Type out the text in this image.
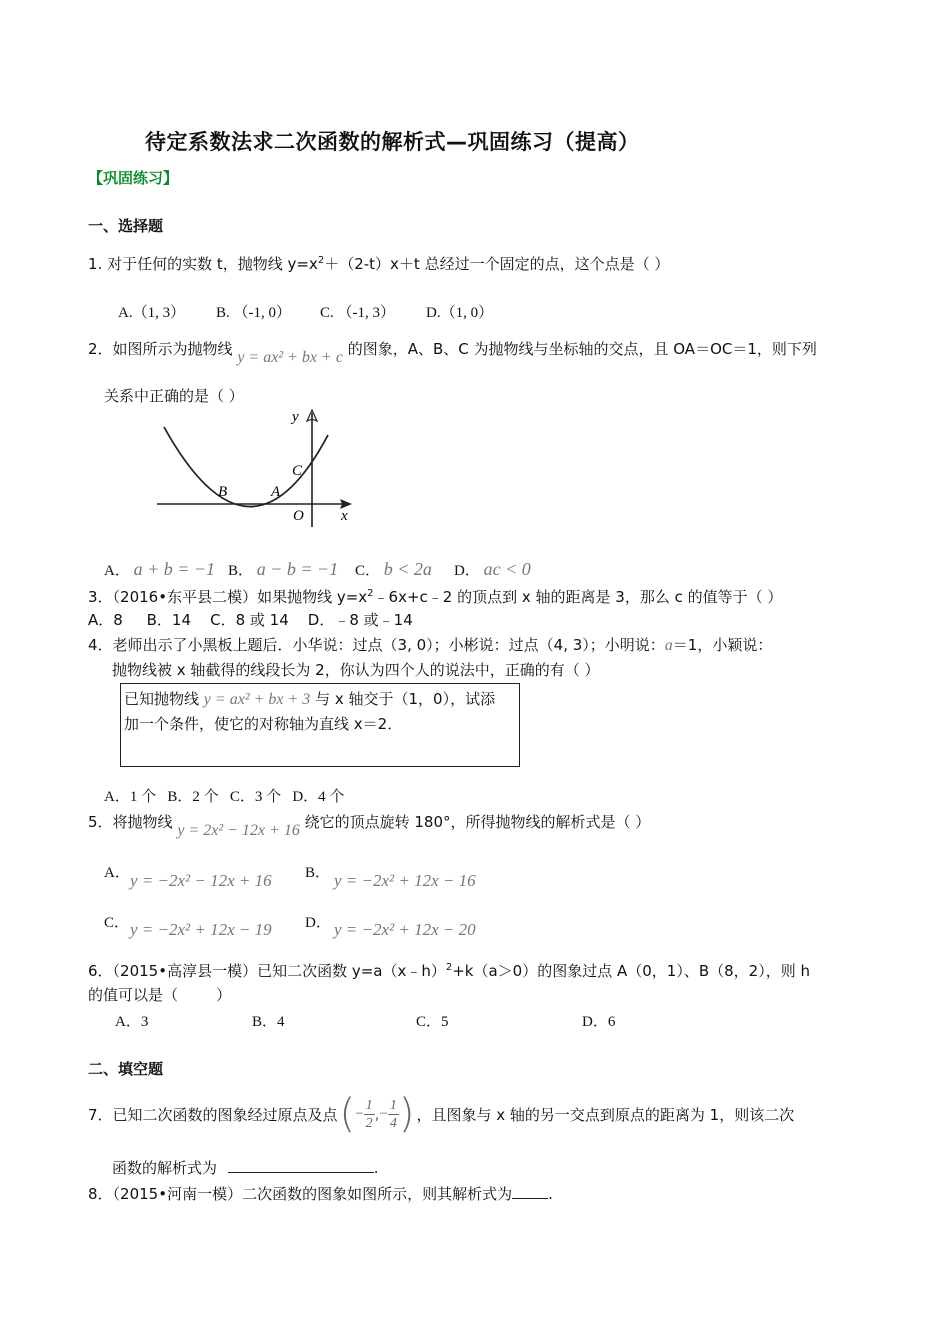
待定系数法求二次函数的解析式—巩固练习（提高）
【巩固练习】
一、选择题
1. 对于任何的实数 t，抛物线 $y=x^2+(2-t)x+t$ 总经过一个固定的点，这个点是（ ）
A.（1, 3） B. （-1, 0） C. （-1, 3） D.（1, 0）
2．如图所示为抛物线 y = ax² + bx + c 的图象，A、B、C 为抛物线与坐标轴的交点，且 OA＝OC＝1，则下列
关系中正确的是（ ）
y
x
B	A
C
O
A． a + b = −1 B． a − b = −1 C． b < 2a D． ac < 0
3．（2016•东平县二模）如果抛物线 $y=x^2﹣6x+c﹣2$ 的顶点到 x 轴的距离是 3，那么 c 的值等于（ ）
A．8     B．14    C．8 或 14    D．﹣8 或﹣14
4．老师出示了小黑板上题后．小华说：过点（3, 0）；小彬说：过点（4, 3）；小明说：a＝1，小颖说：
抛物线被 x 轴截得的线段长为 2，你认为四个人的说法中，正确的有（ ）
已知抛物线 y = ax² + bx + 3 与 x 轴交于（1，0），试添
加一个条件，使它的对称轴为直线 x＝2．
A．1 个   B．2 个   C．3 个   D．4 个
5．将抛物线 y = 2x² − 12x + 16 绕它的顶点旋转 180°，所得抛物线的解析式是（ ）
A． y = −2x² − 12x + 16 B． y = −2x² + 12x − 16
C． y = −2x² + 12x − 19 D． y = −2x² + 12x − 20
6．（2015•高淳县一模）已知二次函数 y=a（x﹣h）$^2$+k（a＞0）的图象过点 A（0，1）、B（8，2），则 h
的值可以是（        ）
A．3	B．4	C．5	D．6
二、填空题
7．已知二次函数的图象经过原点及点 ( − $\frac{1}{2}$ , − $\frac{1}{4}$ ) ，且图象与 x 轴的另一交点到原点的距离为 1，则该二次
函数的解析式为	.
8．（2015•河南一模）二次函数的图象如图所示，则其解析式为 .
